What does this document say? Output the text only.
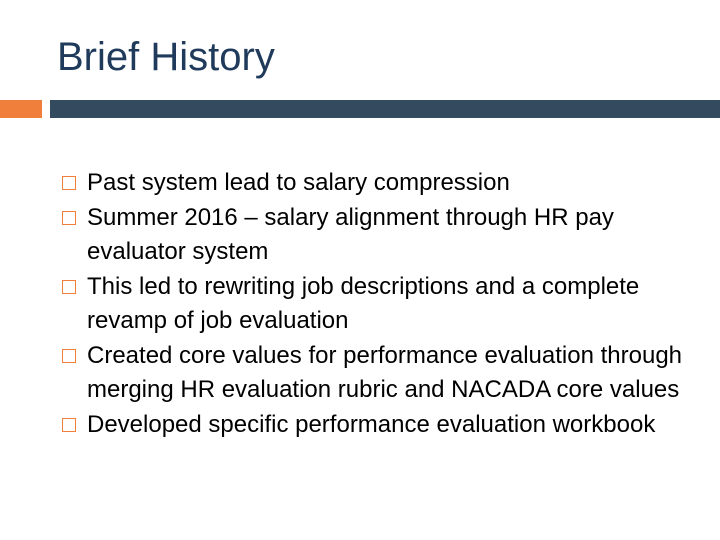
Brief History
Past system lead to salary compression
Summer 2016 – salary alignment through HR pay evaluator system
This led to rewriting job descriptions and a complete revamp of job evaluation
Created core values for performance evaluation through merging HR evaluation rubric and NACADA core values
Developed specific performance evaluation workbook
